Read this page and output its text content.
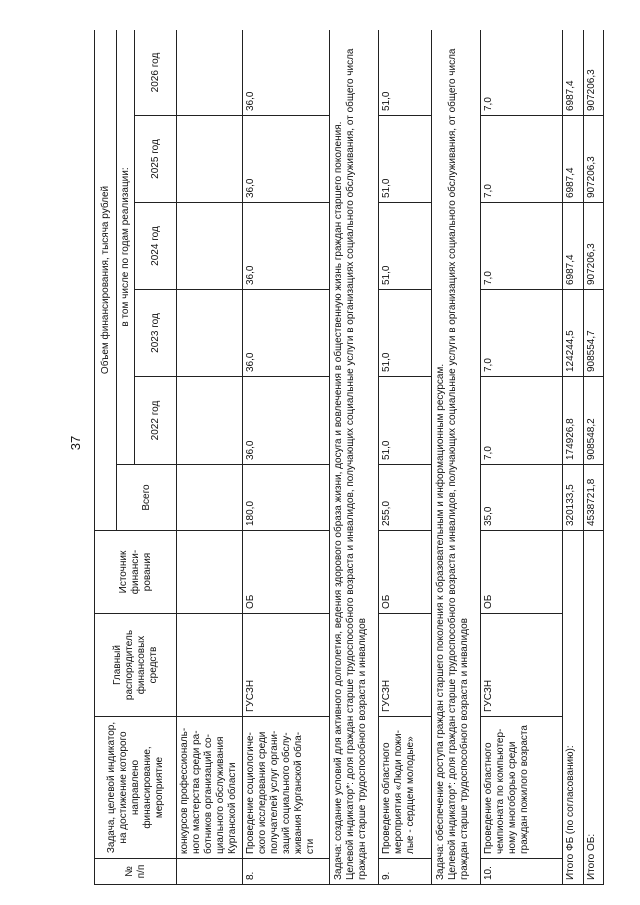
37
№ п/п	Задача, целевой индикатор, на достижение которого направлено финансирование, мероприятие	Главный распорядитель финансовых средств	Источник финансирования	Объем финансирования, тысяча рублей					
				Всего	в том числе по годам реализации:				
					2022 год	2023 год	2024 год	2025 год	2026 год
	конкурсов профессионального мастерства среди работников организаций социального обслуживания Курганской области								
8.	Проведение социологического исследования среди получателей услуг организаций социального обслуживания Курганской области	ГУСЗН	ОБ	180,0	36,0	36,0	36,0	36,0	36,0
Задача: создание условий для активного долголетия, ведения здорового образа жизни, досуга и вовлечения в общественную жизнь граждан старшего поколения.
Целевой индикатор*: доля граждан старше трудоспособного возраста и инвалидов, получающих социальные услуги в организациях социального обслуживания, от общего числа граждан старше трудоспособного возраста и инвалидов									
9.	Проведение областного мероприятия «Люди пожилые - сердцем молодые»	ГУСЗН	ОБ	255,0	51,0	51,0	51,0	51,0	51,0
Задача: обеспечение доступа граждан старшего поколения к образовательным и информационным ресурсам.
Целевой индикатор*: доля граждан старше трудоспособного возраста и инвалидов, получающих социальные услуги в организациях социального обслуживания, от общего числа граждан старше трудоспособного возраста и инвалидов									
10.	Проведение областного чемпионата по компьютерному многоборью среди граждан пожилого возраста	ГУСЗН	ОБ	35,0	7,0	7,0	7,0	7,0	7,0
Итого ФБ (по согласованию):				320133,5	174926,8	124244,5	6987,4	6987,4	6987,4
Итого ОБ:				4538721,8	908548,2	908554,7	907206,3	907206,3	907206,3
